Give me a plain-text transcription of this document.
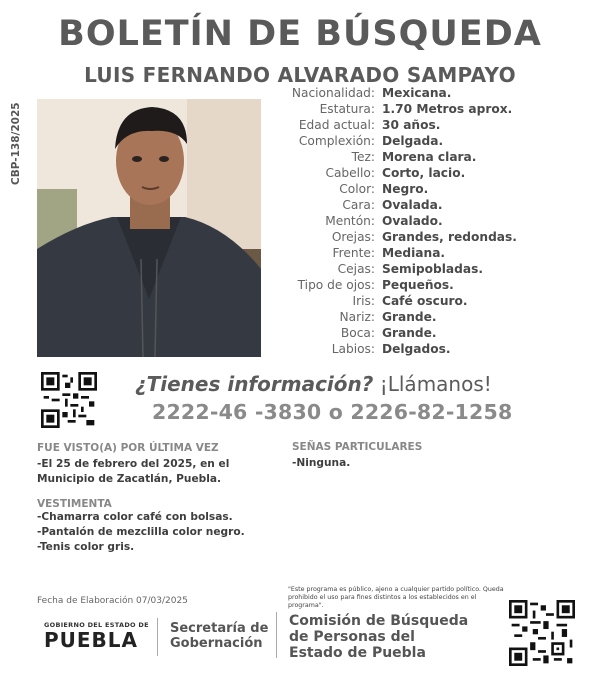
BOLETÍN DE BÚSQUEDA
LUIS FERNANDO ALVARADO SAMPAYO
CBP-138/2025
Nacionalidad: Mexicana.
Estatura: 1.70 Metros aprox.
Edad actual: 30 años.
Complexión: Delgada.
Tez: Morena clara.
Cabello: Corto, lacio.
Color: Negro.
Cara: Ovalada.
Mentón: Ovalado.
Orejas: Grandes, redondas.
Frente: Mediana.
Cejas: Semipobladas.
Tipo de ojos: Pequeños.
Iris: Café oscuro.
Nariz: Grande.
Boca: Grande.
Labios: Delgados.
¿Tienes información? ¡Llámanos!
2222-46 -3830 o 2226-82-1258
FUE VISTO(A) POR ÚLTIMA VEZ
-El 25 de febrero del 2025, en el
Municipio de Zacatlán, Puebla.
SEÑAS PARTICULARES
-Ninguna.
VESTIMENTA
-Chamarra color café con bolsas.
-Pantalón de mezclilla color negro.
-Tenis color gris.
Fecha de Elaboración 07/03/2025
"Este programa es público, ajeno a cualquier partido político. Queda prohibido el uso para fines distintos a los establecidos en el programa".
GOBIERNO DEL ESTADO DE
PUEBLA	Secretaría de
Gobernación
Comisión de Búsqueda
de Personas del
Estado de Puebla
